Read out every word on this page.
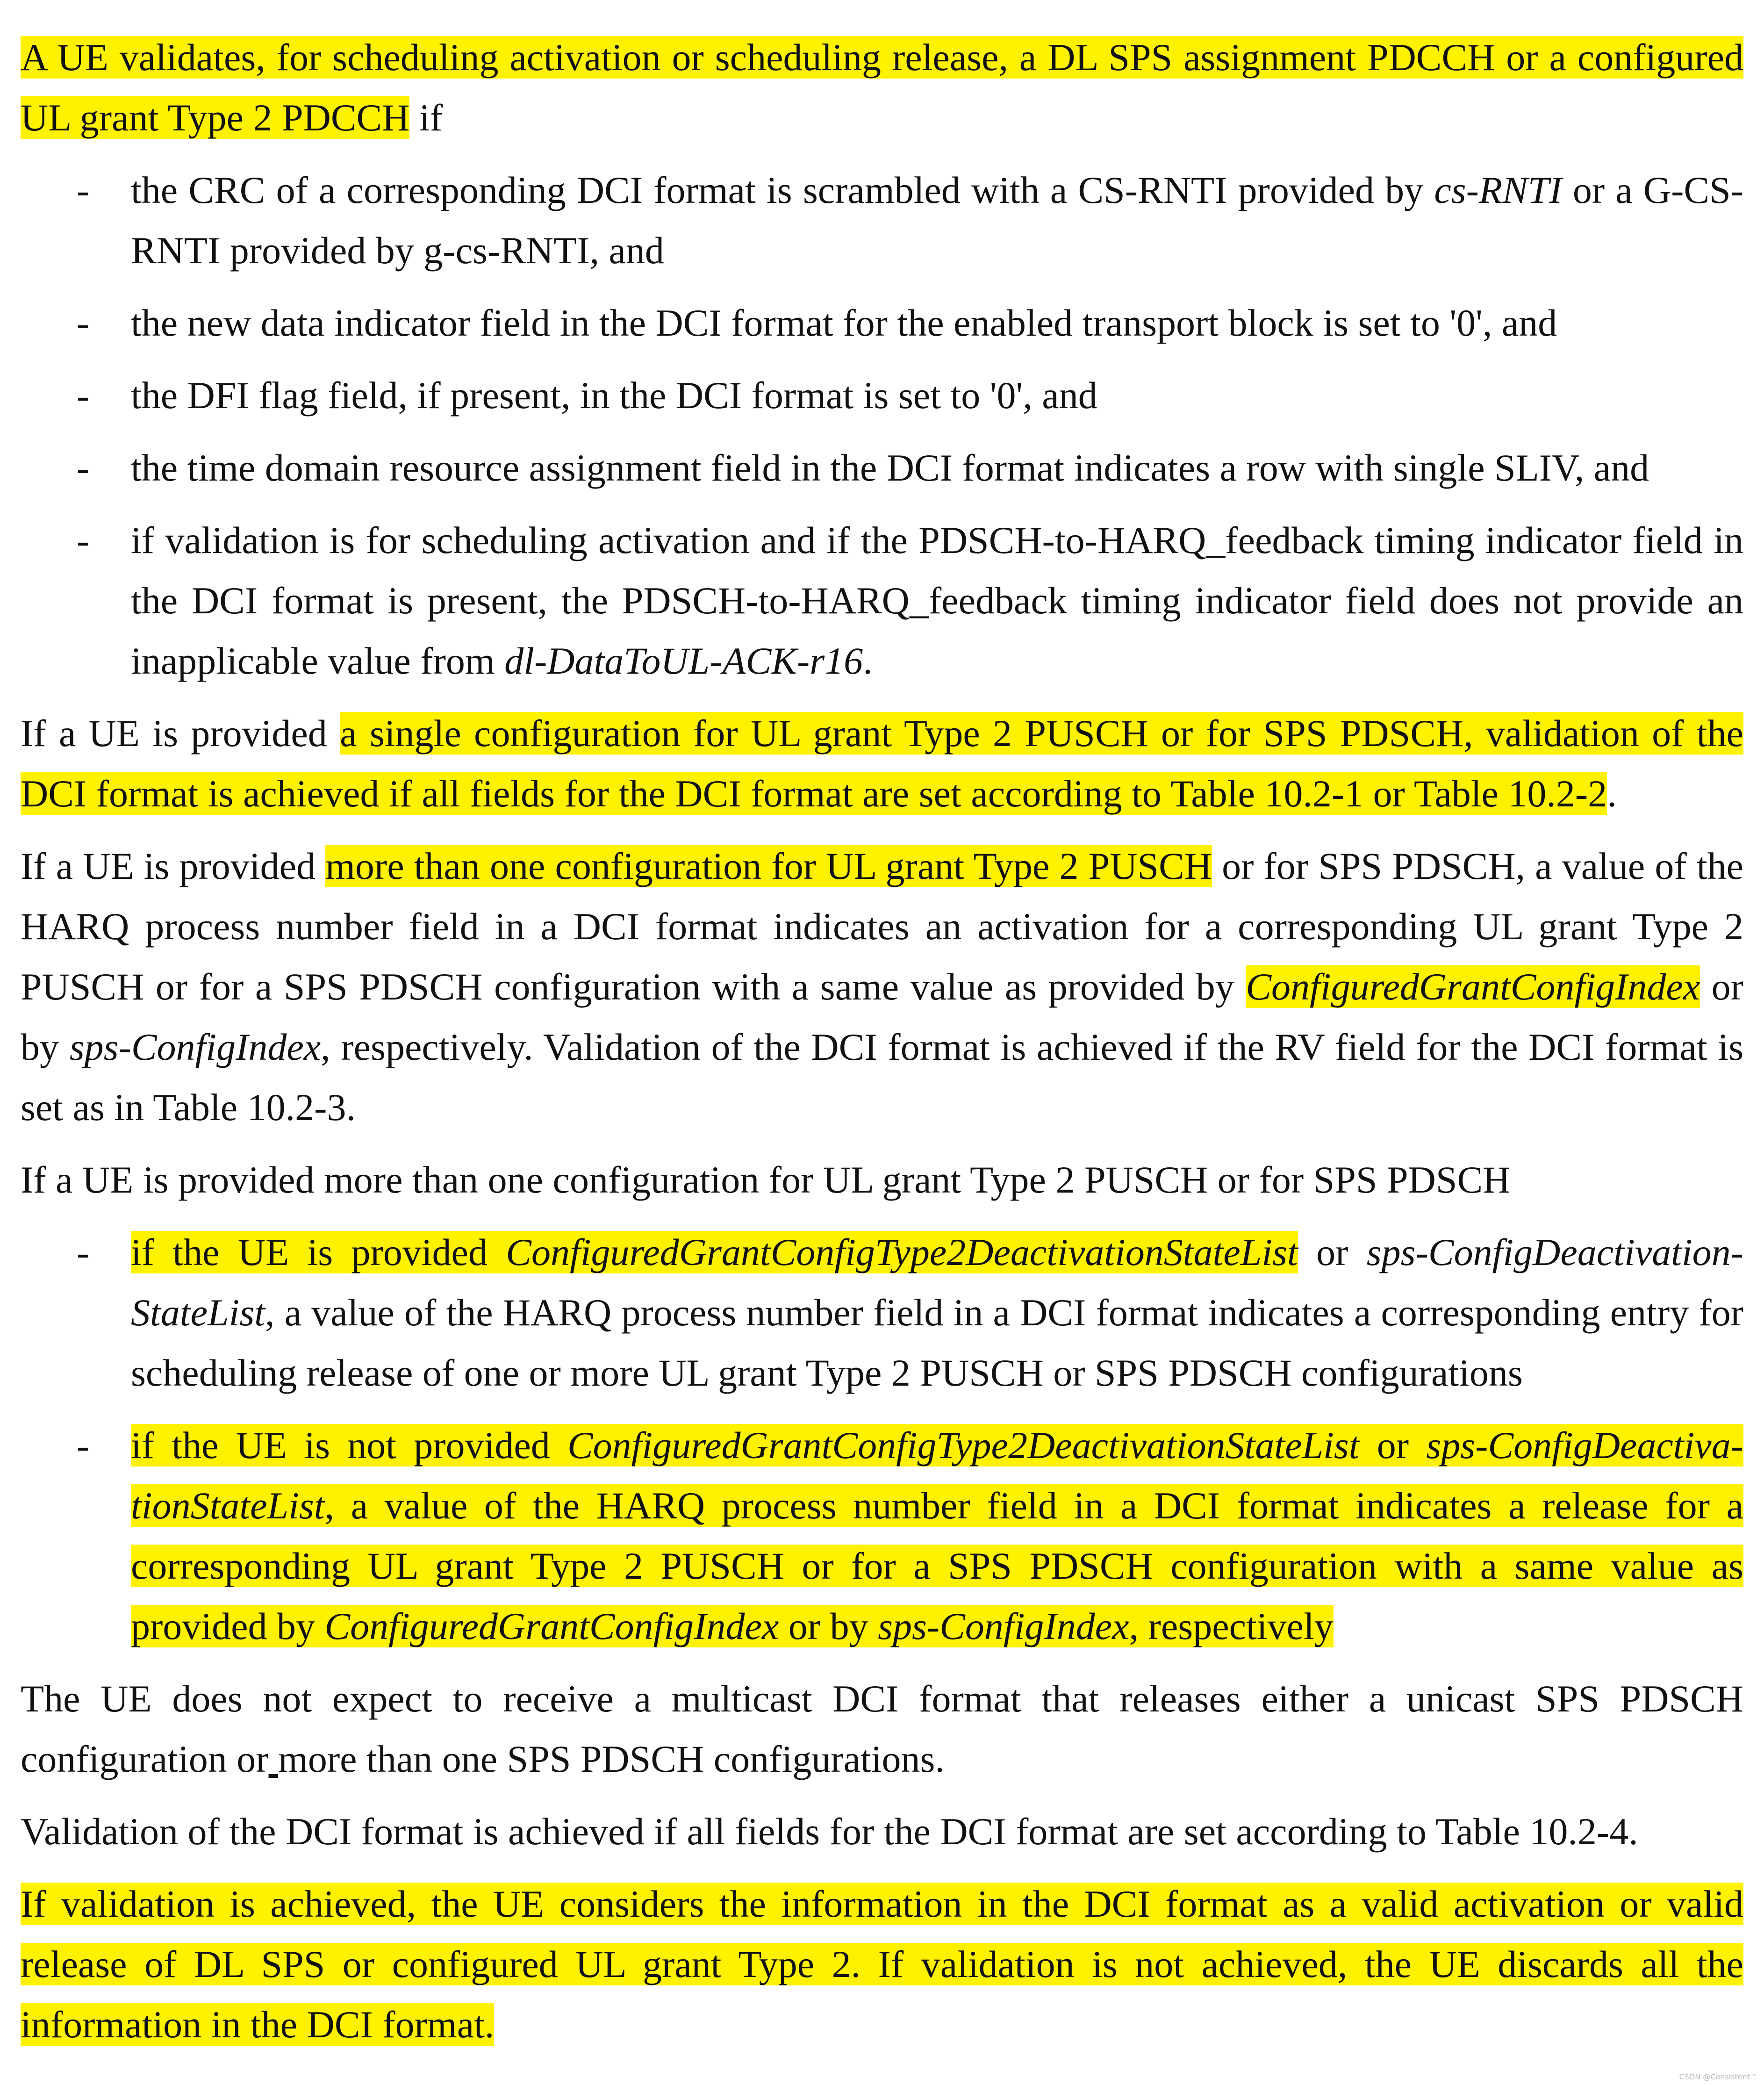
A UE validates, for scheduling activation or scheduling release, a DL SPS assignment PDCCH or a configured UL grant Type 2 PDCCH if

- the CRC of a corresponding DCI format is scrambled with a CS-RNTI provided by cs-RNTI or a G-CS-RNTI provided by g-cs-RNTI, and
- the new data indicator field in the DCI format for the enabled transport block is set to '0', and
- the DFI flag field, if present, in the DCI format is set to '0', and
- the time domain resource assignment field in the DCI format indicates a row with single SLIV, and
- if validation is for scheduling activation and if the PDSCH-to-HARQ_feedback timing indicator field in the DCI format is present, the PDSCH-to-HARQ_feedback timing indicator field does not provide an inapplicable value from dl-DataToUL-ACK-r16.

If a UE is provided a single configuration for UL grant Type 2 PUSCH or for SPS PDSCH, validation of the DCI format is achieved if all fields for the DCI format are set according to Table 10.2-1 or Table 10.2-2.

If a UE is provided more than one configuration for UL grant Type 2 PUSCH or for SPS PDSCH, a value of the HARQ process number field in a DCI format indicates an activation for a corresponding UL grant Type 2 PUSCH or for a SPS PDSCH configuration with a same value as provided by ConfiguredGrantConfigIndex or by sps-ConfigIndex, respectively. Validation of the DCI format is achieved if the RV field for the DCI format is set as in Table 10.2-3.

If a UE is provided more than one configuration for UL grant Type 2 PUSCH or for SPS PDSCH

- if the UE is provided ConfiguredGrantConfigType2DeactivationStateList or sps-ConfigDeactivation-StateList, a value of the HARQ process number field in a DCI format indicates a corresponding entry for scheduling release of one or more UL grant Type 2 PUSCH or SPS PDSCH configurations
- if the UE is not provided ConfiguredGrantConfigType2DeactivationStateList or sps-ConfigDeactiva-tionStateList, a value of the HARQ process number field in a DCI format indicates a release for a corresponding UL grant Type 2 PUSCH or for a SPS PDSCH configuration with a same value as provided by ConfiguredGrantConfigIndex or by sps-ConfigIndex, respectively

The UE does not expect to receive a multicast DCI format that releases either a unicast SPS PDSCH configuration or more than one SPS PDSCH configurations.

Validation of the DCI format is achieved if all fields for the DCI format are set according to Table 10.2-4.

If validation is achieved, the UE considers the information in the DCI format as a valid activation or valid release of DL SPS or configured UL grant Type 2. If validation is not achieved, the UE discards all the information in the DCI format.

CSDN @Consistent™
